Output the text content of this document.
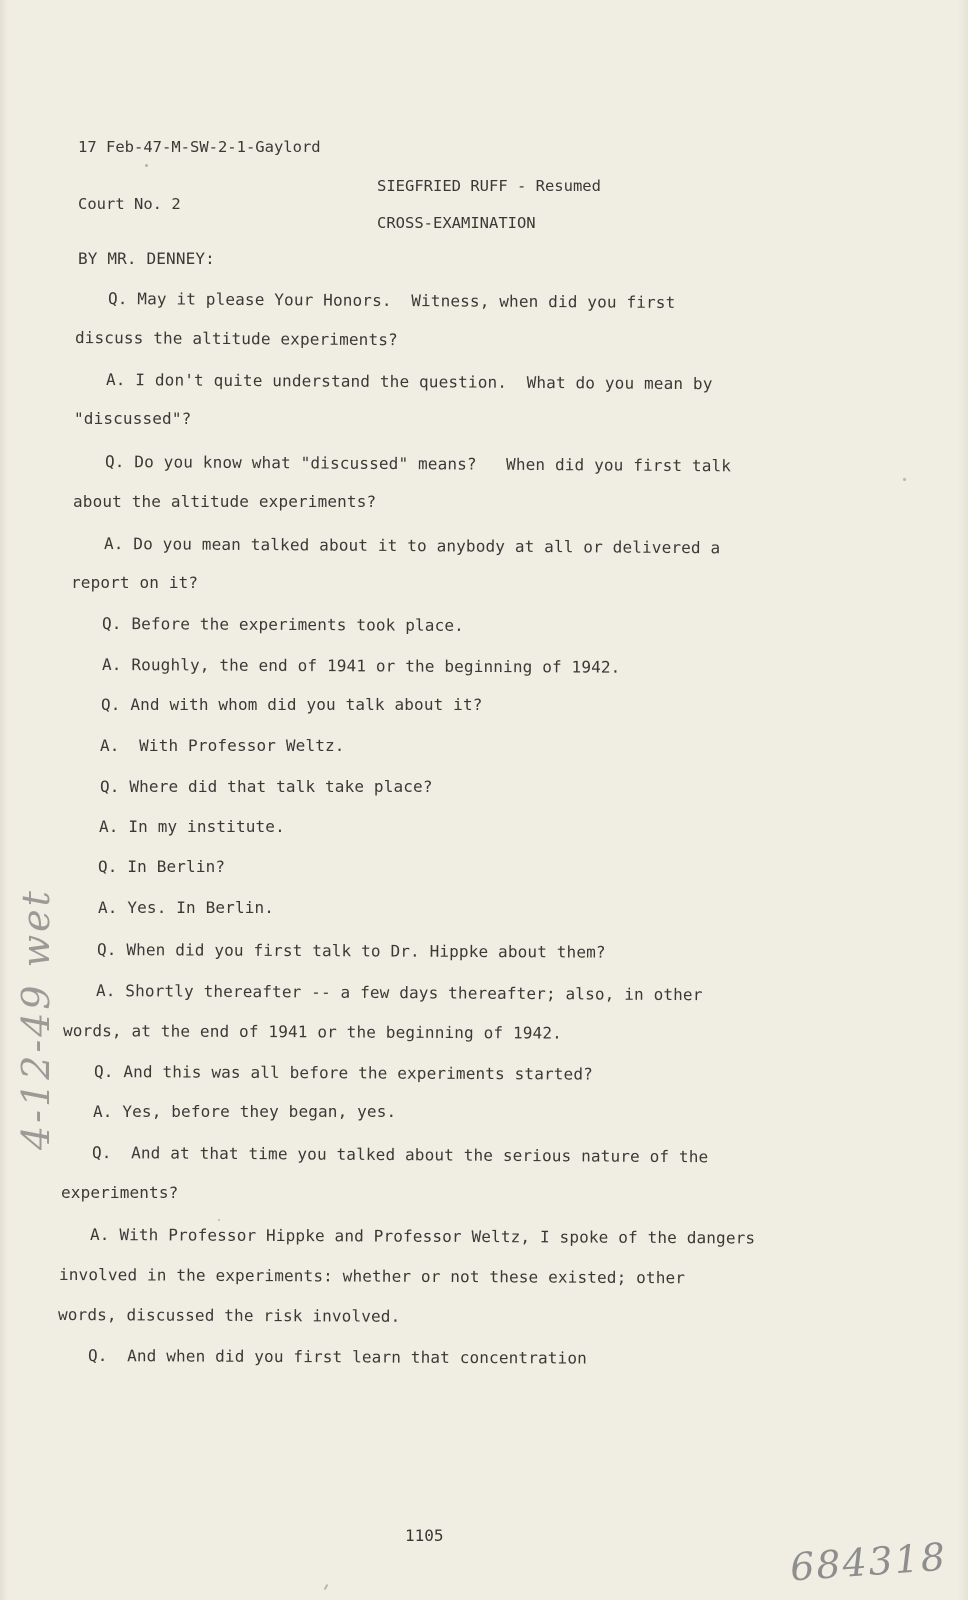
17 Feb-47-M-SW-2-1-Gaylord

Court No. 2

SIEGFRIED RUFF - Resumed
CROSS-EXAMINATION
BY MR. DENNEY:
Q. May it please Your Honors.  Witness, when did you first
discuss the altitude experiments?
A. I don't quite understand the question.  What do you mean by
"discussed"?
Q. Do you know what "discussed" means?   When did you first talk
about the altitude experiments?
A. Do you mean talked about it to anybody at all or delivered a
report on it?
Q. Before the experiments took place.
A. Roughly, the end of 1941 or the beginning of 1942.
Q. And with whom did you talk about it?
A.  With Professor Weltz.
Q. Where did that talk take place?
A. In my institute.
Q. In Berlin?
A. Yes. In Berlin.
Q. When did you first talk to Dr. Hippke about them?
A. Shortly thereafter -- a few days thereafter; also, in other
words, at the end of 1941 or the beginning of 1942.
Q. And this was all before the experiments started?
A. Yes, before they began, yes.
Q.  And at that time you talked about the serious nature of the
experiments?
A. With Professor Hippke and Professor Weltz, I spoke of the dangers
involved in the experiments: whether or not these existed; other
words, discussed the risk involved.
Q.  And when did you first learn that concentration
4-12-49 wet
1105	684318
